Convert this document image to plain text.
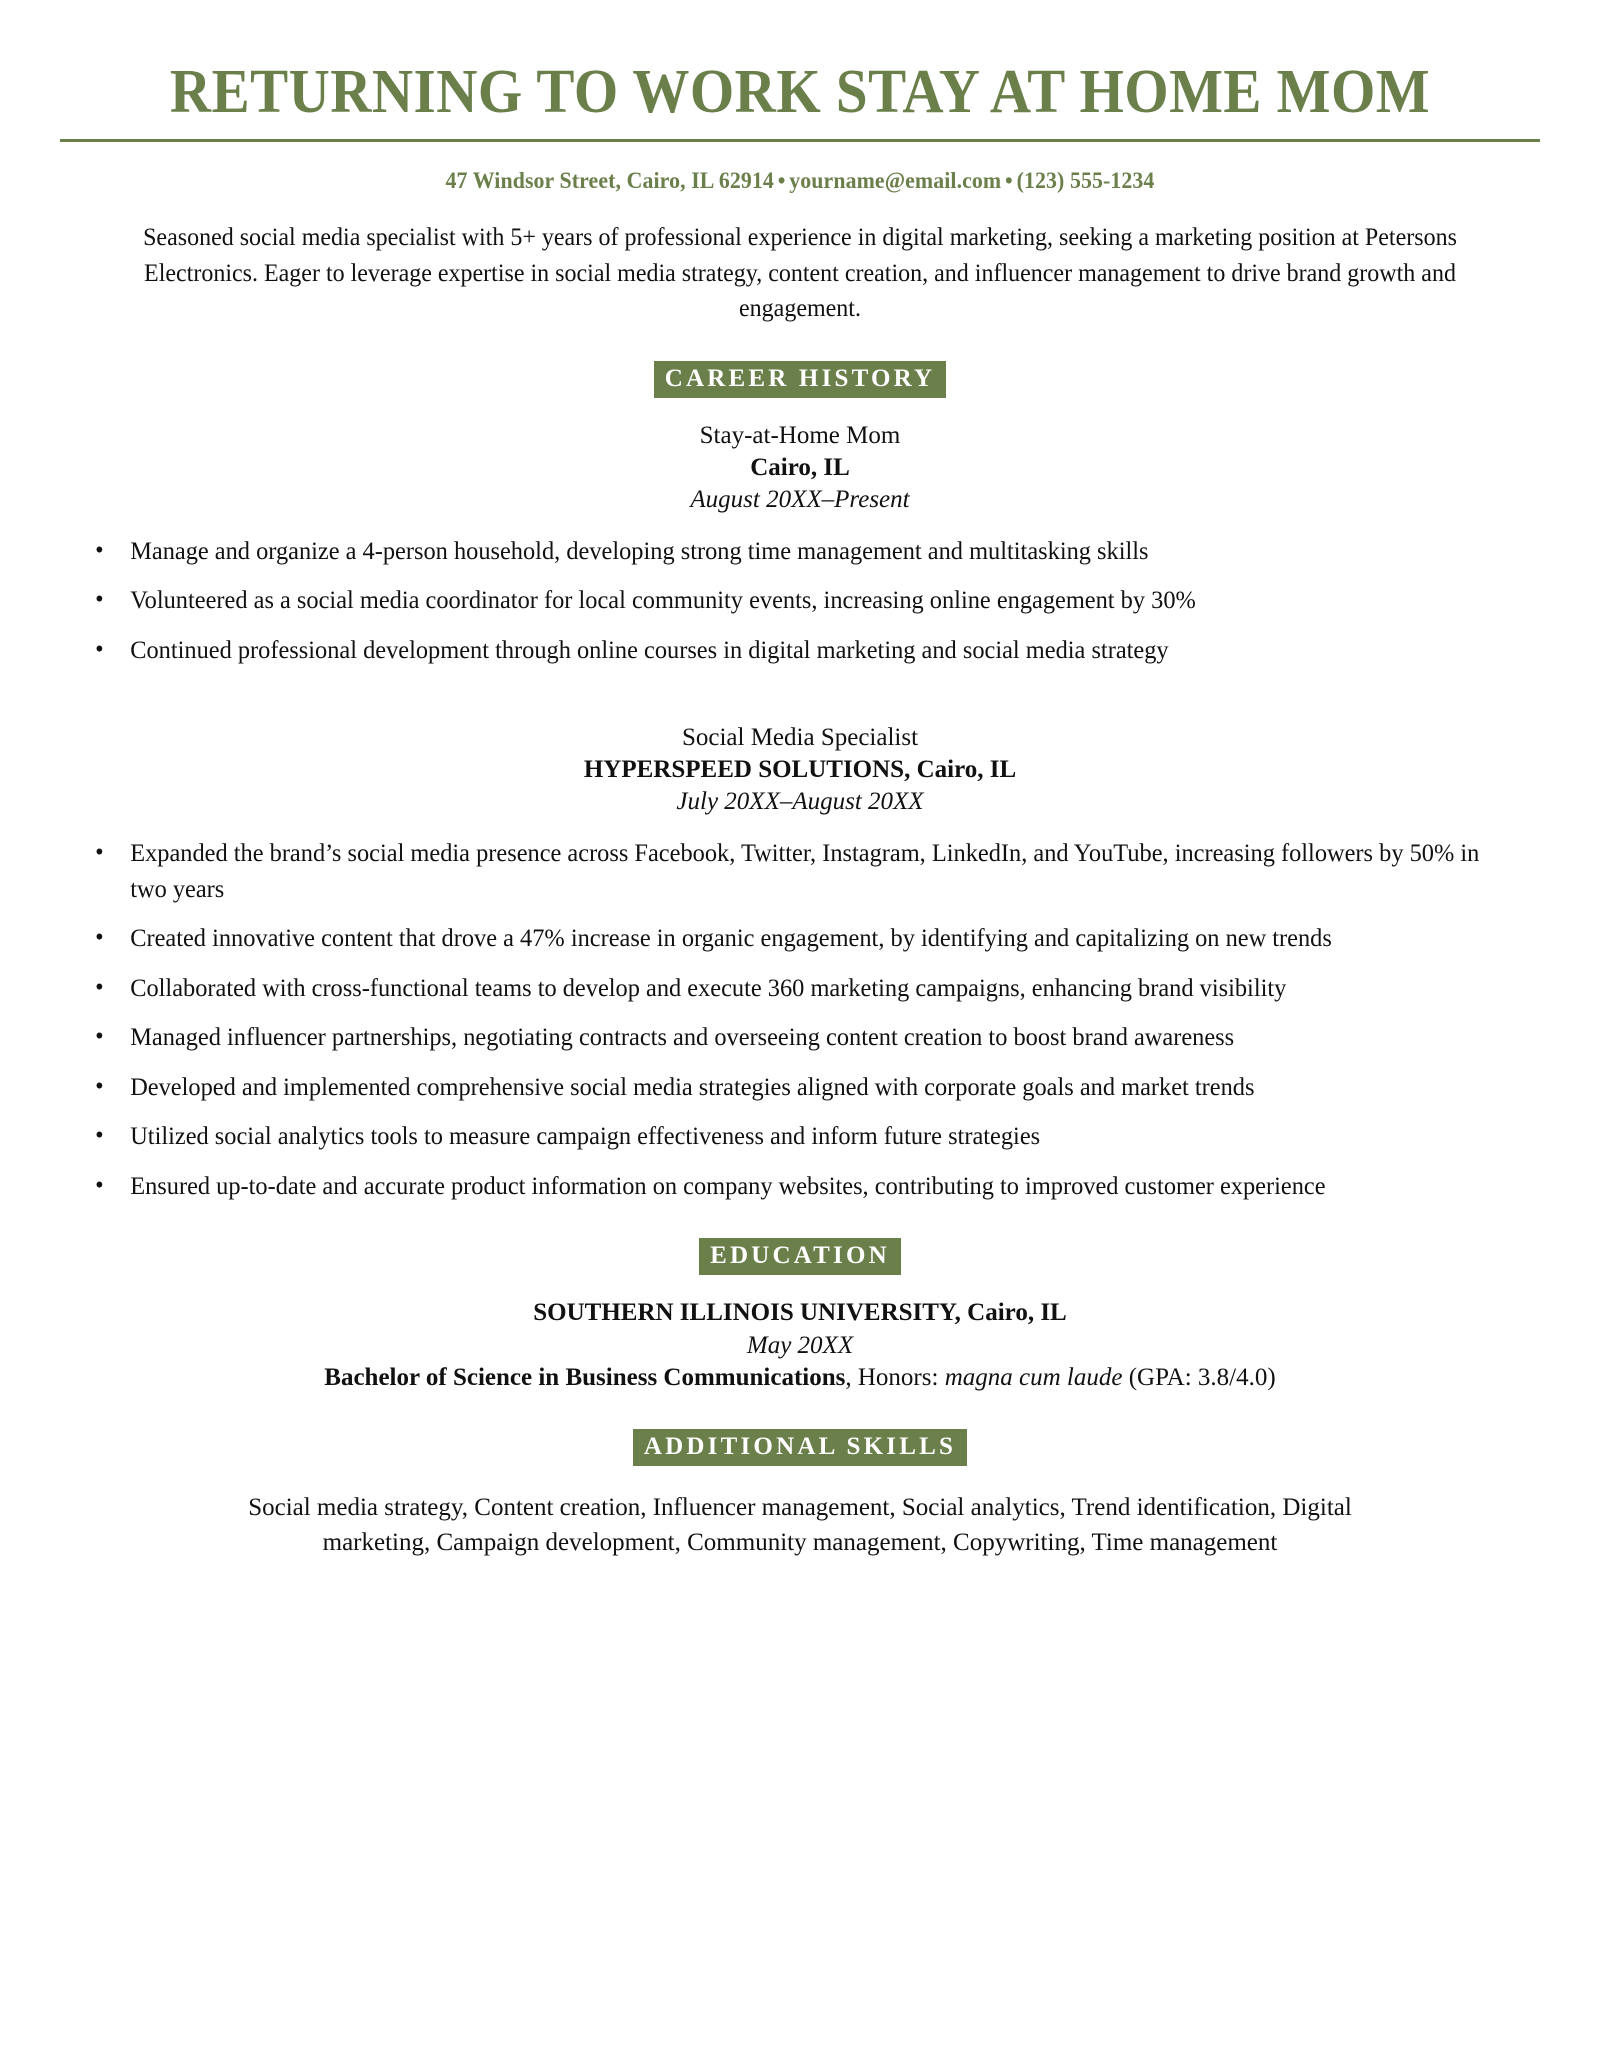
RETURNING TO WORK STAY AT HOME MOM
47 Windsor Street, Cairo, IL 62914 • yourname@email.com • (123) 555-1234

Seasoned social media specialist with 5+ years of professional experience in digital marketing, seeking a marketing position at Petersons Electronics. Eager to leverage expertise in social media strategy, content creation, and influencer management to drive brand growth and engagement.

CAREER HISTORY
Stay-at-Home Mom
Cairo, IL
August 20XX–Present
• Manage and organize a 4-person household, developing strong time management and multitasking skills
• Volunteered as a social media coordinator for local community events, increasing online engagement by 30%
• Continued professional development through online courses in digital marketing and social media strategy
Social Media Specialist
HYPERSPEED SOLUTIONS, Cairo, IL
July 20XX–August 20XX
• Expanded the brand’s social media presence across Facebook, Twitter, Instagram, LinkedIn, and YouTube, increasing followers by 50% in two years
• Created innovative content that drove a 47% increase in organic engagement, by identifying and capitalizing on new trends
• Collaborated with cross-functional teams to develop and execute 360 marketing campaigns, enhancing brand visibility
• Managed influencer partnerships, negotiating contracts and overseeing content creation to boost brand awareness
• Developed and implemented comprehensive social media strategies aligned with corporate goals and market trends
• Utilized social analytics tools to measure campaign effectiveness and inform future strategies
• Ensured up-to-date and accurate product information on company websites, contributing to improved customer experience
EDUCATION
SOUTHERN ILLINOIS UNIVERSITY, Cairo, IL
May 20XX
Bachelor of Science in Business Communications, Honors: magna cum laude (GPA: 3.8/4.0)
ADDITIONAL SKILLS

Social media strategy, Content creation, Influencer management, Social analytics, Trend identification, Digital marketing, Campaign development, Community management, Copywriting, Time management
